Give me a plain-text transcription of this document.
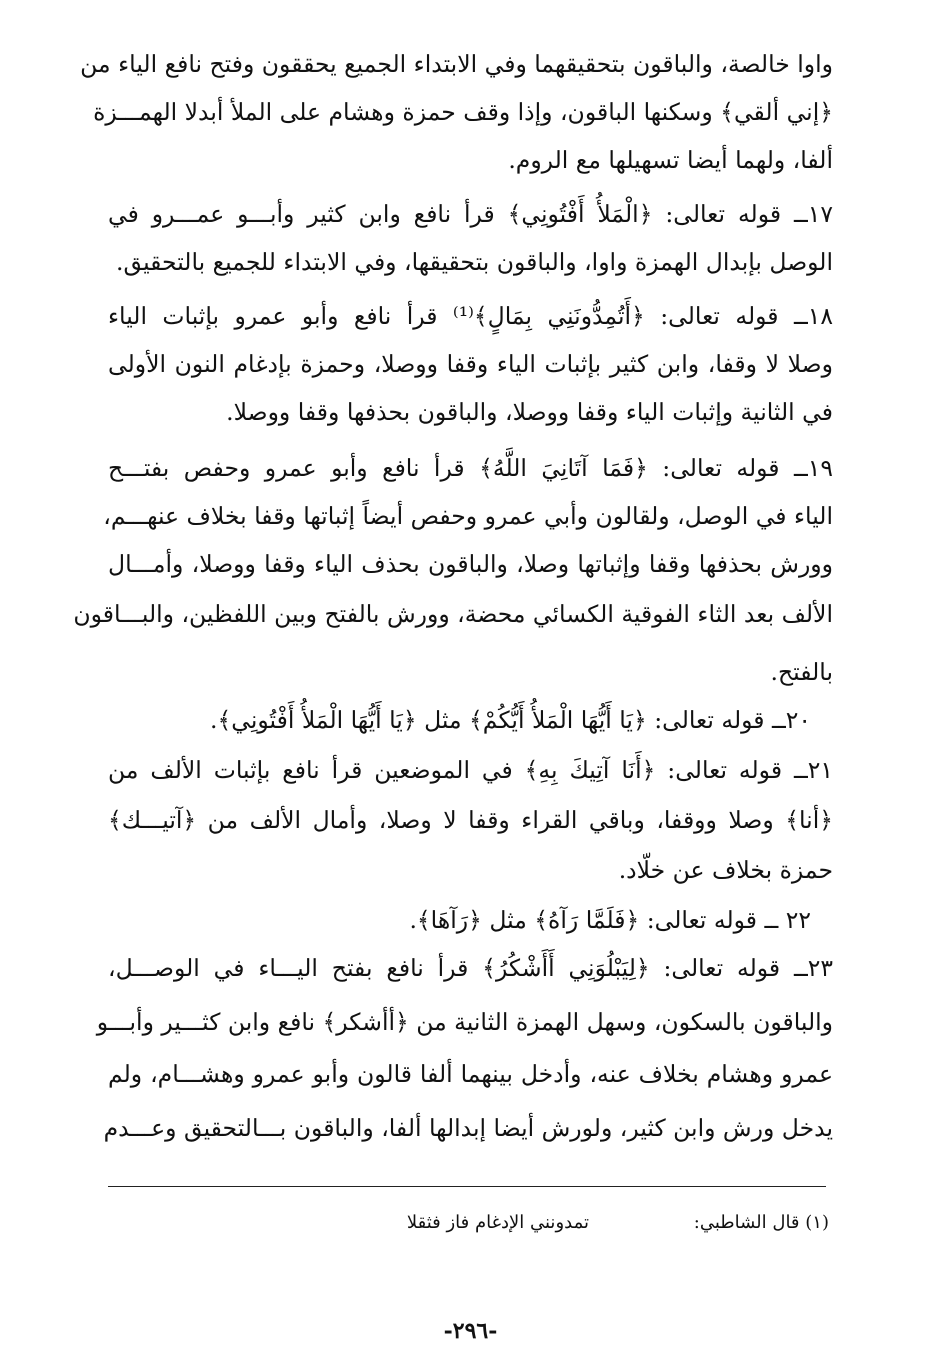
واوا خالصة، والباقون بتحقيقهما وفي الابتداء الجميع يحققون وفتح نافع الياء من
﴿إني ألقي﴾ وسكنها الباقون، وإذا وقف حمزة وهشام على الملأ أبدلا الهمـــزة
ألفا، ولهما أيضا تسهيلها مع الروم.
١٧ــ قوله تعالى: ﴿الْمَلأُ أَفْتُونِي﴾ قرأ نافع وابن كثير وأبـــو عمـــرو في
الوصل بإبدال الهمزة واوا، والباقون بتحقيقها، وفي الابتداء للجميع بالتحقيق.
١٨ــ قوله تعالى: ﴿أَتُمِدُّونَنِي بِمَالٍ﴾⁽¹⁾ قرأ نافع وأبو عمرو بإثبات الياء
وصلا لا وقفا، وابن كثير بإثبات الياء وقفا ووصلا، وحمزة بإدغام النون الأولى
في الثانية وإثبات الياء وقفا ووصلا، والباقون بحذفها وقفا ووصلا.
١٩ــ قوله تعالى: ﴿فَمَا آتَانِيَ اللَّهُ﴾ قرأ نافع وأبو عمرو وحفص بفتـــح
الياء في الوصل، ولقالون وأبي عمرو وحفص أيضاً إثباتها وقفا بخلاف عنهـــم،
وورش بحذفها وقفا وإثباتها وصلا، والباقون بحذف الياء وقفا ووصلا، وأمـــال
الألف بعد الثاء الفوقية الكسائي محضة، وورش بالفتح وبين اللفظين، والبـــاقون
بالفتح.
٢٠ــ قوله تعالى: ﴿يَا أَيُّهَا الْمَلأُ أَيُّكُمْ﴾ مثل ﴿يَا أَيُّهَا الْمَلأُ أَفْتُونِي﴾.
٢١ــ قوله تعالى: ﴿أَنَا آتِيكَ بِهِ﴾ في الموضعين قرأ نافع بإثبات الألف من
﴿أنا﴾ وصلا ووقفا، وباقي القراء وقفا لا وصلا، وأمال الألف من ﴿آتيـــك﴾
حمزة بخلاف عن خلّاد.
٢٢ ــ قوله تعالى: ﴿فَلَمَّا رَآهُ﴾ مثل ﴿رَآهَا﴾.
٢٣ــ قوله تعالى: ﴿لِيَبْلُوَنِي أَأَشْكُرُ﴾ قرأ نافع بفتح اليـــاء في الوصـــل،
والباقون بالسكون، وسهل الهمزة الثانية من ﴿أأشكر﴾ نافع وابن كثـــير وأبـــو
عمرو وهشام بخلاف عنه، وأدخل بينهما ألفا قالون وأبو عمرو وهشـــام، ولم
يدخل ورش وابن كثير، ولورش أيضا إبدالها ألفا، والباقون بـــالتحقيق وعـــدم
(١) قال الشاطبي:
تمدونني الإدغام فاز فثقلا
-٢٩٦-
